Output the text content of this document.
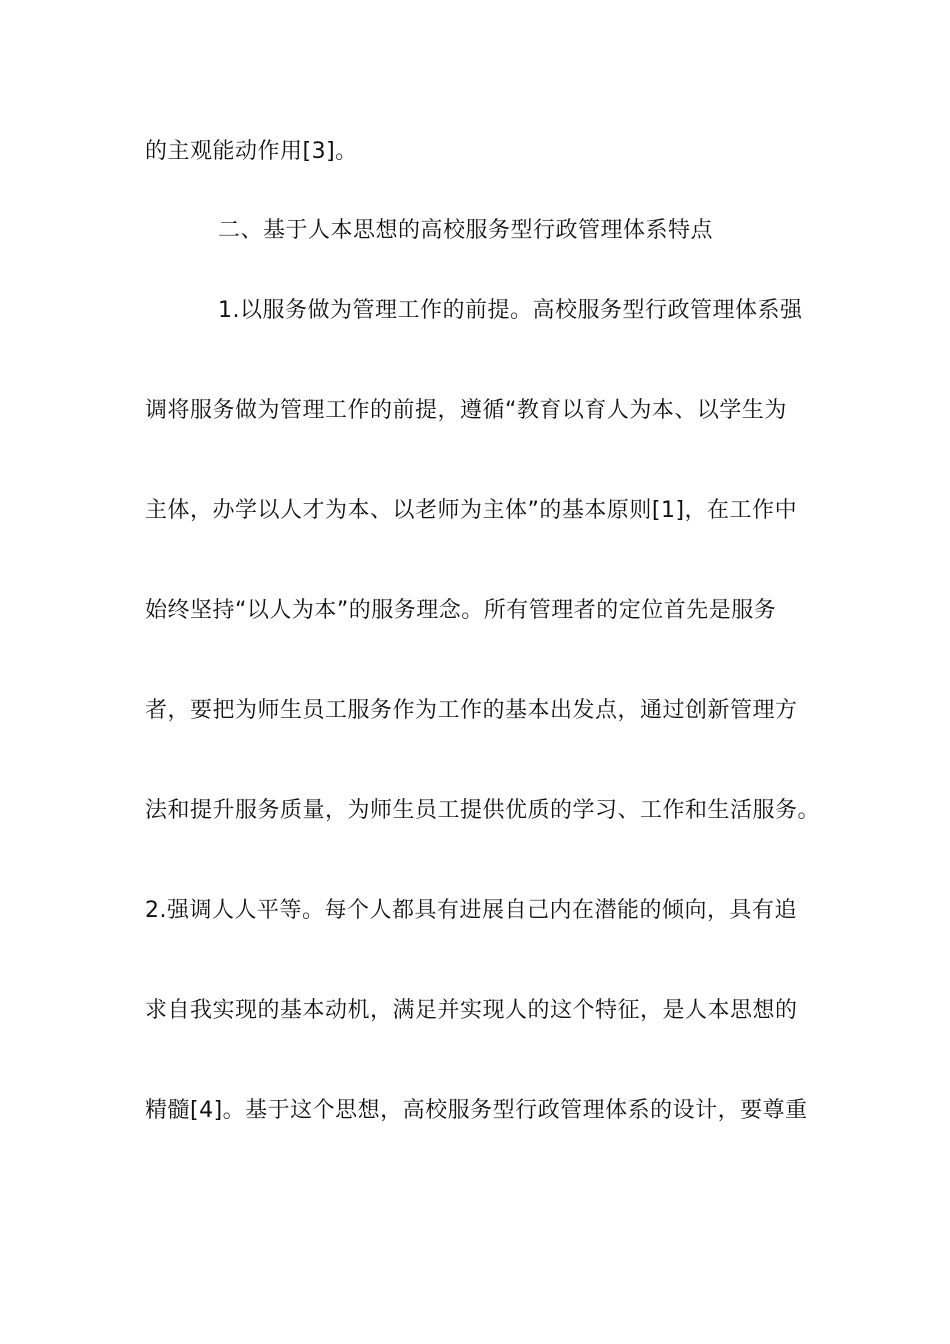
的主观能动作用[3]。
二、基于人本思想的高校服务型行政管理体系特点
1.以服务做为管理工作的前提。高校服务型行政管理体系强
调将服务做为管理工作的前提，遵循“教育以育人为本、以学生为
主体，办学以人才为本、以老师为主体”的基本原则[1]，在工作中
始终坚持“以人为本”的服务理念。所有管理者的定位首先是服务
者，要把为师生员工服务作为工作的基本出发点，通过创新管理方
法和提升服务质量，为师生员工提供优质的学习、工作和生活服务。
2.强调人人平等。每个人都具有进展自己内在潜能的倾向，具有追
求自我实现的基本动机，满足并实现人的这个特征，是人本思想的
精髓[4]。基于这个思想，高校服务型行政管理体系的设计，要尊重
